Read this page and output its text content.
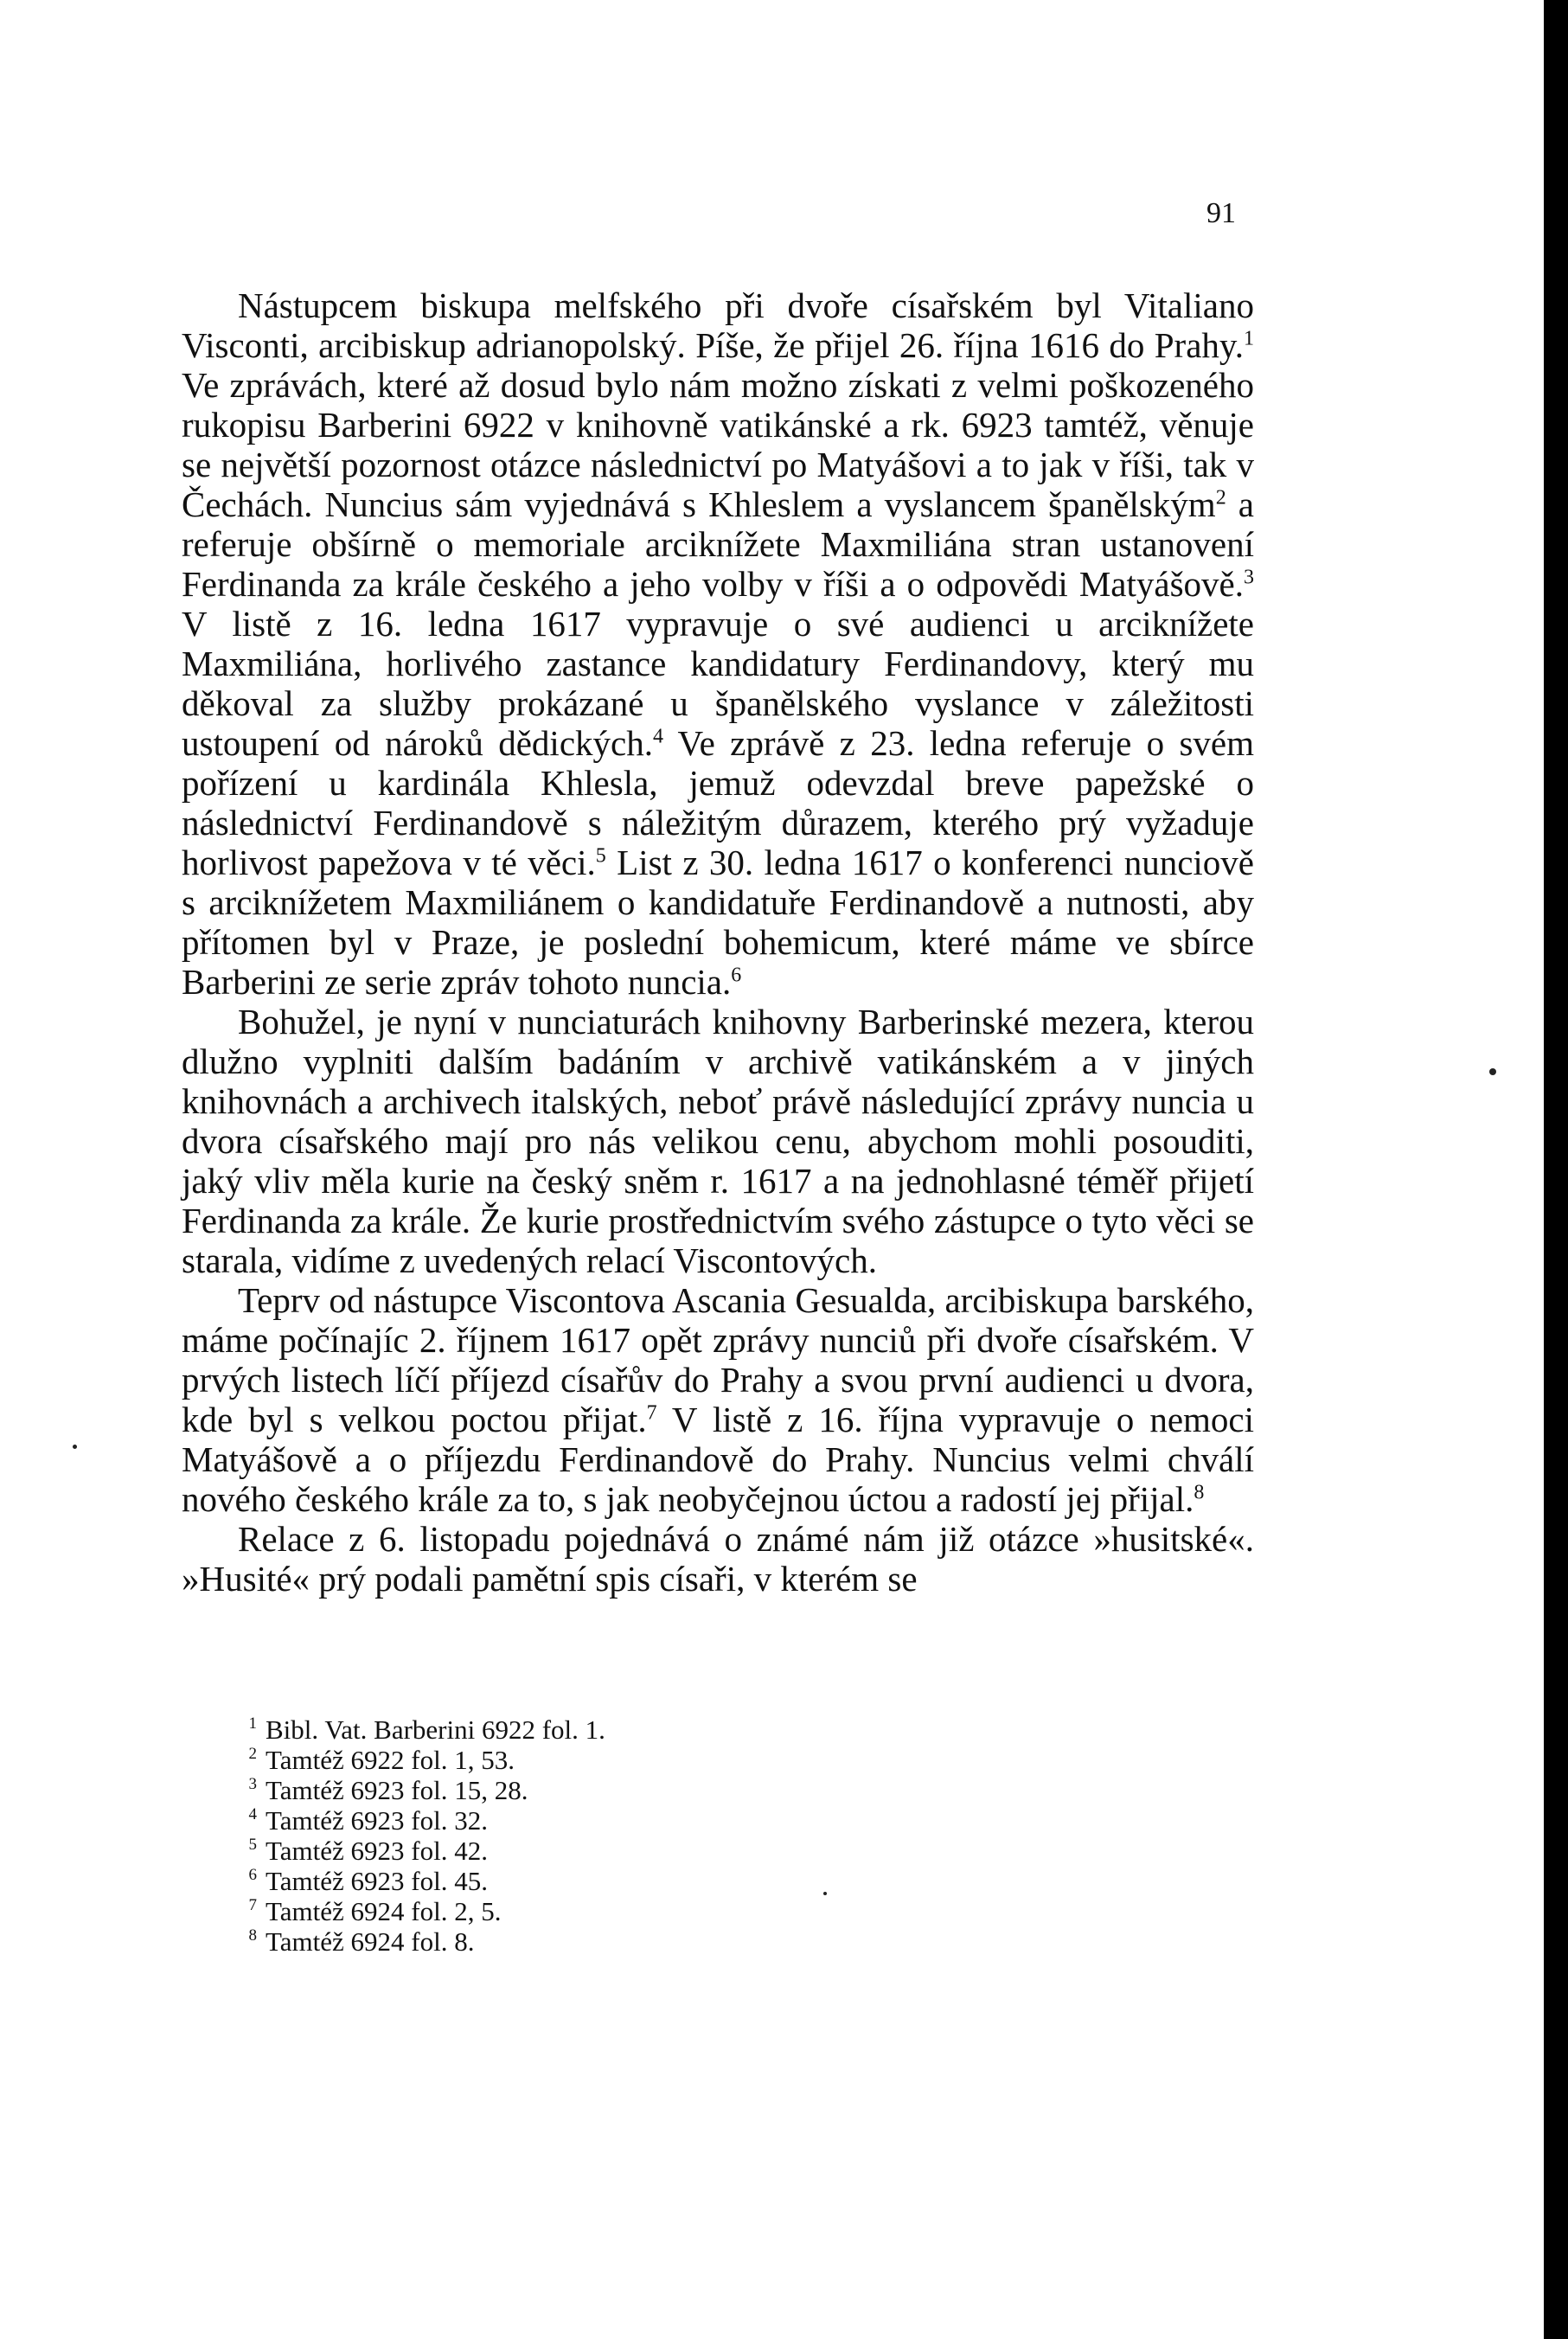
91

Nástupcem biskupa melfského při dvoře císařském byl Vitaliano Visconti, arcibiskup adrianopolský. Píše, že přijel 26. října 1616 do Prahy.$^1$ Ve zprávách, které až dosud bylo nám možno získati z velmi poškozeného rukopisu Barberini 6922 v knihovně vatikánské a rk. 6923 tamtéž, věnuje se největší pozornost otázce následnictví po Matyášovi a to jak v říši, tak v Čechách. Nuncius sám vyjednává s Khleslem a vyslancem španělským$^2$ a referuje obšírně o memoriale arciknížete Maxmiliána stran ustanovení Ferdinanda za krále českého a jeho volby v říši a o odpovědi Matyášově.$^3$ V listě z 16. ledna 1617 vypravuje o své audienci u arciknížete Maxmiliána, horlivého zastance kandidatury Ferdinandovy, který mu děkoval za služby prokázané u španělského vyslance v záležitosti ustoupení od nároků dědických.$^4$ Ve zprávě z 23. ledna referuje o svém pořízení u kardinála Khlesla, jemuž odevzdal breve papežské o následnictví Ferdinandově s náležitým důrazem, kterého prý vyžaduje horlivost papežova v té věci.$^5$ List z 30. ledna 1617 o konferenci nunciově s arciknížetem Maxmiliánem o kandidatuře Ferdinandově a nutnosti, aby přítomen byl v Praze, je poslední bohemicum, které máme ve sbírce Barberini ze serie zpráv tohoto nuncia.$^6$

Bohužel, je nyní v nunciaturách knihovny Barberinské mezera, kterou dlužno vyplniti dalším badáním v archivě vatikánském a v jiných knihovnách a archivech italských, neboť právě následující zprávy nuncia u dvora císařského mají pro nás velikou cenu, abychom mohli posouditi, jaký vliv měla kurie na český sněm r. 1617 a na jednohlasné téměř přijetí Ferdinanda za krále. Že kurie prostřednictvím svého zástupce o tyto věci se starala, vidíme z uvedených relací Viscontových.

Teprv od nástupce Viscontova Ascania Gesualda, arcibiskupa barského, máme počínajíc 2. říjnem 1617 opět zprávy nunciů při dvoře císařském. V prvých listech líčí příjezd císařův do Prahy a svou první audienci u dvora, kde byl s velkou poctou přijat.$^7$ V listě z 16. října vypravuje o nemoci Matyášově a o příjezdu Ferdinandově do Prahy. Nuncius velmi chválí nového českého krále za to, s jak neobyčejnou úctou a radostí jej přijal.$^8$

Relace z 6. listopadu pojednává o známé nám již otázce »husitské«. »Husité« prý podali pamětní spis císaři, v kterém se

1 Bibl. Vat. Barberini 6922 fol. 1.
2 Tamtéž 6922 fol. 1, 53.
3 Tamtéž 6923 fol. 15, 28.
4 Tamtéž 6923 fol. 32.
5 Tamtéž 6923 fol. 42.
6 Tamtéž 6923 fol. 45.
7 Tamtéž 6924 fol. 2, 5.
8 Tamtéž 6924 fol. 8.
